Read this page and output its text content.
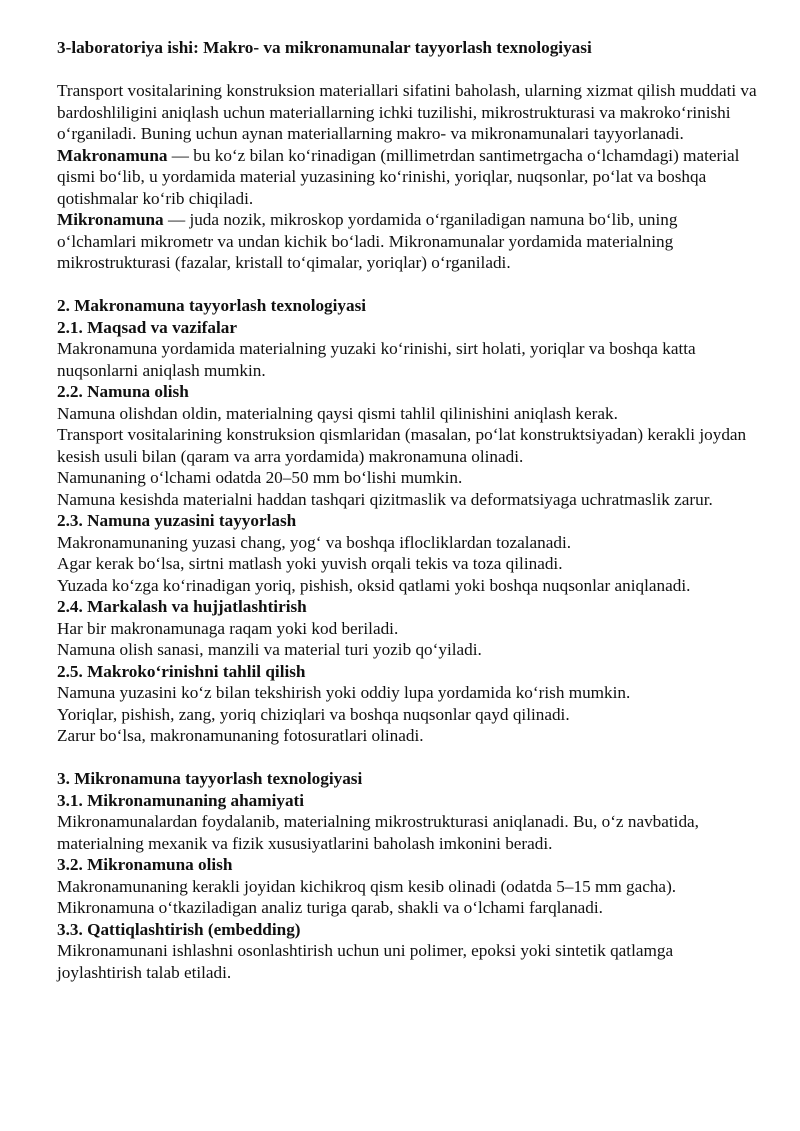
3-laboratoriya ishi: Makro- va mikronamunalar tayyorlash texnologiyasi

Transport vositalarining konstruksion materiallari sifatini baholash, ularning xizmat qilish muddati va bardoshliligini aniqlash uchun materiallarning ichki tuzilishi, mikrostrukturasi va makroko‘rinishi o‘rganiladi. Buning uchun aynan materiallarning makro- va mikronamunalari tayyorlanadi.

Makronamuna — bu ko‘z bilan ko‘rinadigan (millimetrdan santimetrgacha o‘lchamdagi) material qismi bo‘lib, u yordamida material yuzasining ko‘rinishi, yoriqlar, nuqsonlar, po‘lat va boshqa qotishmalar ko‘rib chiqiladi.

Mikronamuna — juda nozik, mikroskop yordamida o‘rganiladigan namuna bo‘lib, uning o‘lchamlari mikrometr va undan kichik bo‘ladi. Mikronamunalar yordamida materialning mikrostrukturasi (fazalar, kristall to‘qimalar, yoriqlar) o‘rganiladi.

2. Makronamuna tayyorlash texnologiyasi

2.1. Maqsad va vazifalar

Makronamuna yordamida materialning yuzaki ko‘rinishi, sirt holati, yoriqlar va boshqa katta nuqsonlarni aniqlash mumkin.

2.2. Namuna olish

Namuna olishdan oldin, materialning qaysi qismi tahlil qilinishini aniqlash kerak.

Transport vositalarining konstruksion qismlaridan (masalan, po‘lat konstruktsiyadan) kerakli joydan kesish usuli bilan (qaram va arra yordamida) makronamuna olinadi.

Namunaning o‘lchami odatda 20–50 mm bo‘lishi mumkin.

Namuna kesishda materialni haddan tashqari qizitmaslik va deformatsiyaga uchratmaslik zarur.

2.3. Namuna yuzasini tayyorlash

Makronamunaning yuzasi chang, yog‘ va boshqa ifloсliklardan tozalanadi.

Agar kerak bo‘lsa, sirtni matlash yoki yuvish orqali tekis va toza qilinadi.

Yuzada ko‘zga ko‘rinadigan yoriq, pishish, oksid qatlami yoki boshqa nuqsonlar aniqlanadi.

2.4. Markalash va hujjatlashtirish

Har bir makronamunaga raqam yoki kod beriladi.

Namuna olish sanasi, manzili va material turi yozib qo‘yiladi.

2.5. Makroko‘rinishni tahlil qilish

Namuna yuzasini ko‘z bilan tekshirish yoki oddiy lupa yordamida ko‘rish mumkin.

Yoriqlar, pishish, zang, yoriq chiziqlari va boshqa nuqsonlar qayd qilinadi.

Zarur bo‘lsa, makronamunaning fotosuratlari olinadi.

3. Mikronamuna tayyorlash texnologiyasi

3.1. Mikronamunaning ahamiyati

Mikronamunalardan foydalanib, materialning mikrostrukturasi aniqlanadi. Bu, o‘z navbatida, materialning mexanik va fizik xususiyatlarini baholash imkonini beradi.

3.2. Mikronamuna olish

Makronamunaning kerakli joyidan kichikroq qism kesib olinadi (odatda 5–15 mm gacha).

Mikronamuna o‘tkaziladigan analiz turiga qarab, shakli va o‘lchami farqlanadi.

3.3. Qattiqlashtirish (embedding)

Mikronamunani ishlashni osonlashtirish uchun uni polimer, epoksi yoki sintetik qatlamga joylashtirish talab etiladi.
